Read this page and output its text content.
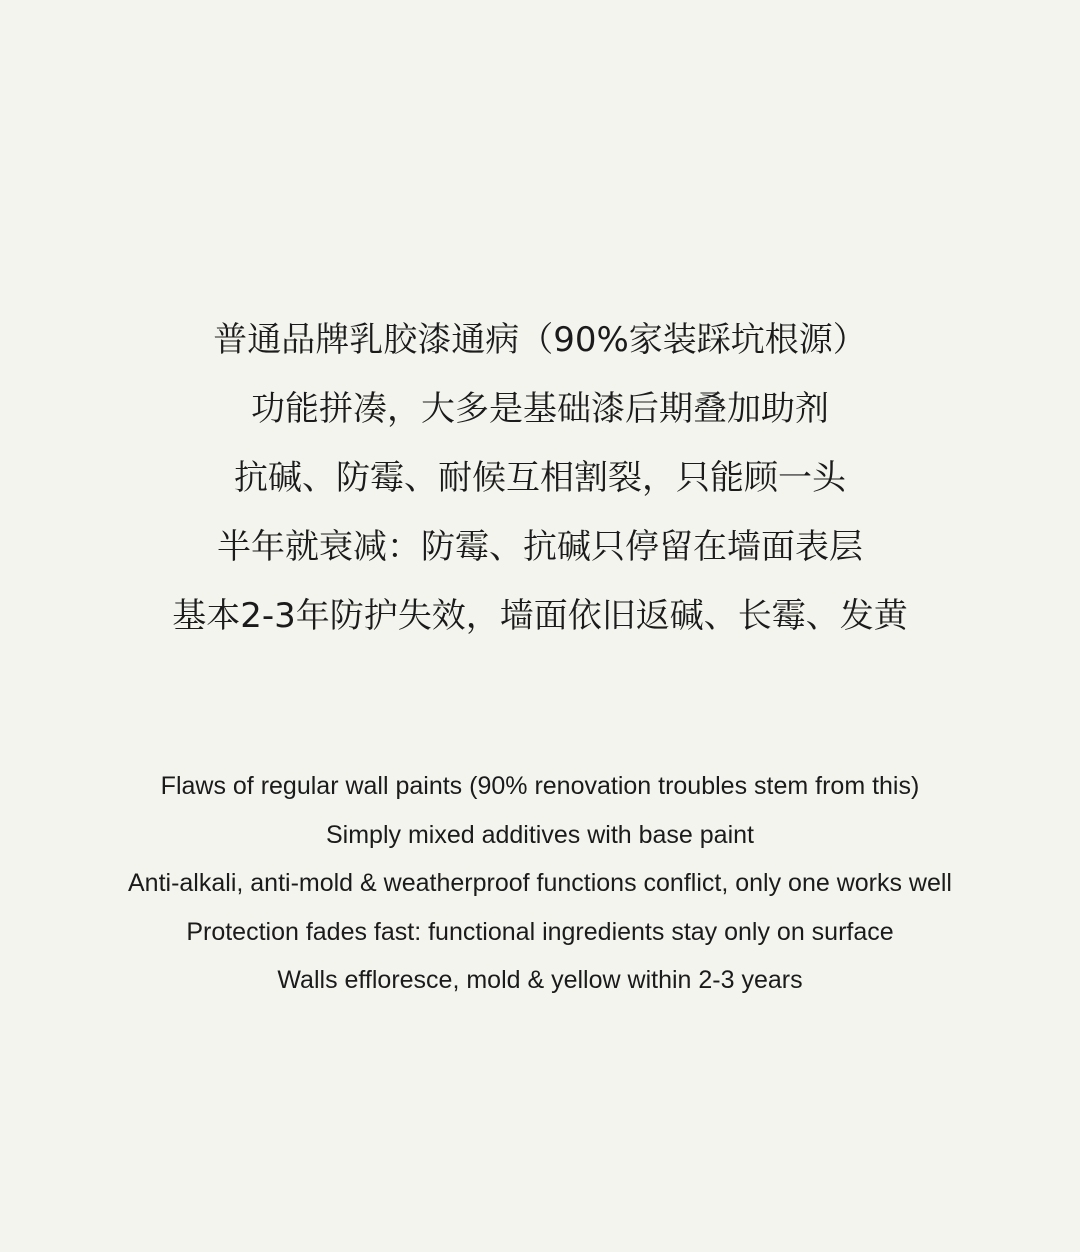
普通品牌乳胶漆通病（90%家装踩坑根源）
功能拼凑，大多是基础漆后期叠加助剂
抗碱、防霉、耐候互相割裂，只能顾一头
半年就衰减：防霉、抗碱只停留在墙面表层
基本2-3年防护失效，墙面依旧返碱、长霉、发黄
Flaws of regular wall paints (90% renovation troubles stem from this)
Simply mixed additives with base paint
Anti-alkali, anti-mold & weatherproof functions conflict, only one works well
Protection fades fast: functional ingredients stay only on surface
Walls effloresce, mold & yellow within 2-3 years
